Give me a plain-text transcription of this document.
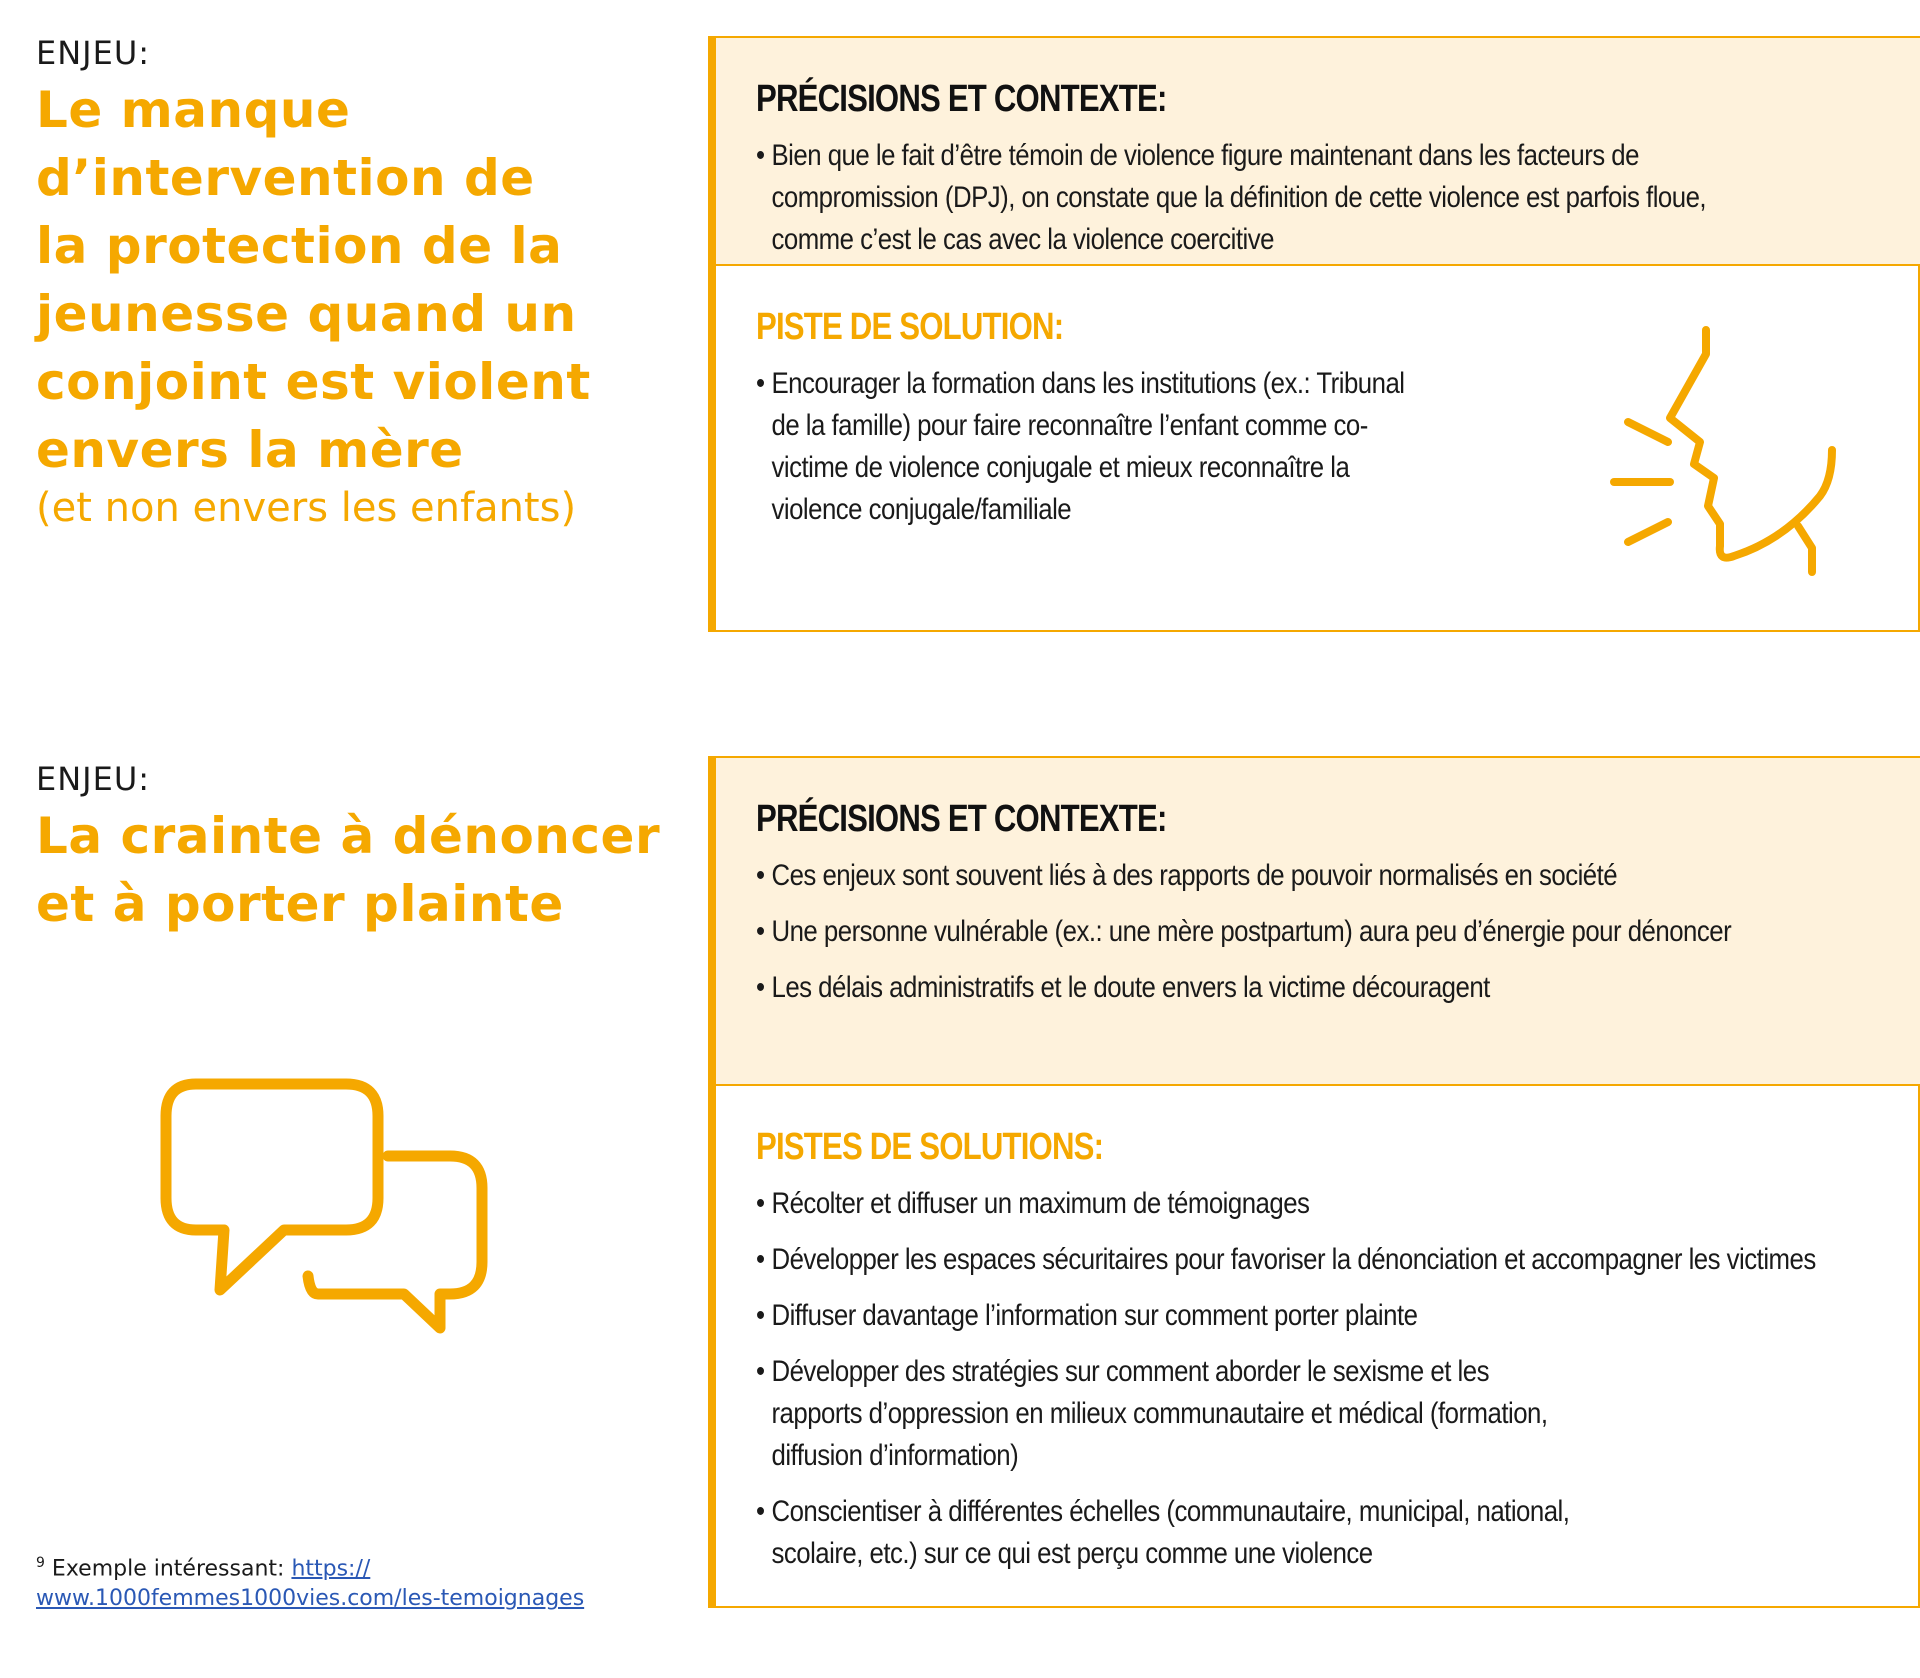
ENJEU:
Le manque
d’intervention de
la protection de la
jeunesse quand un
conjoint est violent
envers la mère
(et non envers les enfants)
PRÉCISIONS ET CONTEXTE:
• Bien que le fait d’être témoin de violence figure maintenant dans les facteurs de compromission (DPJ), on constate que la définition de cette violence est parfois floue, comme c’est le cas avec la violence coercitive
PISTE DE SOLUTION:
• Encourager la formation dans les institutions (ex.: Tribunal de la famille) pour faire reconnaître l’enfant comme co-victime de violence conjugale et mieux reconnaître la violence conjugale/familiale
ENJEU:
La crainte à dénoncer
et à porter plainte
PRÉCISIONS ET CONTEXTE:
• Ces enjeux sont souvent liés à des rapports de pouvoir normalisés en société
• Une personne vulnérable (ex.: une mère postpartum) aura peu d’énergie pour dénoncer
• Les délais administratifs et le doute envers la victime découragent
PISTES DE SOLUTIONS:
• Récolter et diffuser un maximum de témoignages
• Développer les espaces sécuritaires pour favoriser la dénonciation et accompagner les victimes
• Diffuser davantage l’information sur comment porter plainte
• Développer des stratégies sur comment aborder le sexisme et les rapports d’oppression en milieux communautaire et médical (formation, diffusion d’information)
• Conscientiser à différentes échelles (communautaire, municipal, national, scolaire, etc.) sur ce qui est perçu comme une violence
$^9$ Exemple intéressant: https://
www.1000femmes1000vies.com/les-temoignages
